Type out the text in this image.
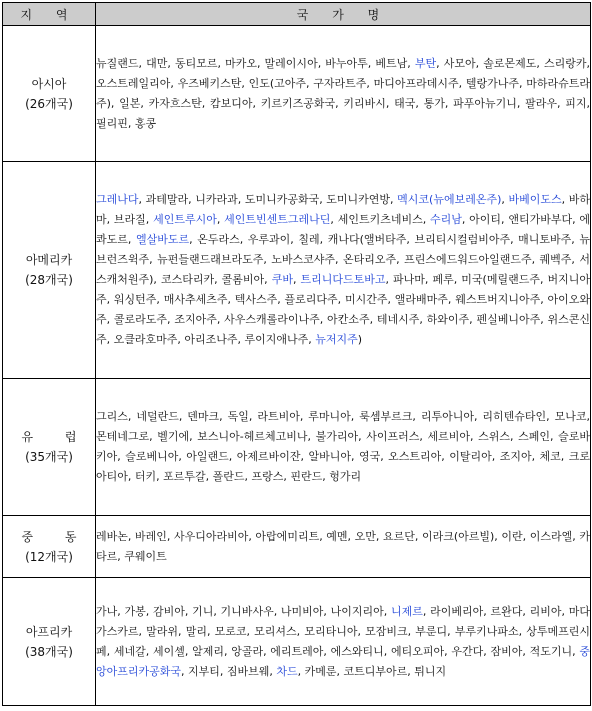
지 역	국 가 명

아시아
(26개국)	뉴질랜드, 대만, 동티모르, 마카오, 말레이시아, 바누아투, 베트남, 부탄, 사모아, 솔로몬제도, 스리랑카, 오스트레일리아, 우즈베키스탄, 인도(고아주, 구자라트주, 마디아프라데시주, 텔랑가나주, 마하라슈트라주), 일본, 카자흐스탄, 캄보디아, 키르키즈공화국, 키리바시, 태국, 통가, 파푸아뉴기니, 팔라우, 피지, 필리핀, 홍콩

아메리카
(28개국)	그레나다, 과테말라, 니카라과, 도미니카공화국, 도미니카연방, 멕시코(뉴에보레온주), 바베이도스, 바하마, 브라질, 세인트루시아, 세인트빈센트그레나딘, 세인트키츠네비스, 수리남, 아이티, 앤티가바부다, 에콰도르, 엘살바도르, 온두라스, 우루과이, 칠레, 캐나다(앨버타주, 브리티시컬럼비아주, 매니토바주, 뉴브런즈윅주, 뉴펀들랜드래브라도주, 노바스코샤주, 온타리오주, 프린스에드워드아일랜드주, 퀘벡주, 서스캐처원주), 코스타리카, 콜롬비아, 쿠바, 트리니다드토바고, 파나마, 페루, 미국(메릴랜드주, 버지니아주, 워싱턴주, 매사추세츠주, 텍사스주, 플로리다주, 미시간주, 앨라배마주, 웨스트버지니아주, 아이오와주, 콜로라도주, 조지아주, 사우스캐롤라이나주, 아칸소주, 테네시주, 하와이주, 펜실베니아주, 위스콘신주, 오클라호마주, 아리조나주, 루이지애나주, 뉴저지주)

유 럽
(35개국)	그리스, 네덜란드, 덴마크, 독일, 라트비아, 루마니아, 룩셈부르크, 리투아니아, 리히텐슈타인, 모나코, 몬테네그로, 벨기에, 보스니아-헤르체고비나, 불가리아, 사이프러스, 세르비아, 스위스, 스페인, 슬로바키아, 슬로베니아, 아일랜드, 아제르바이잔, 알바니아, 영국, 오스트리아, 이탈리아, 조지아, 체코, 크로아티아, 터키, 포르투갈, 폴란드, 프랑스, 핀란드, 헝가리

중 동
(12개국)	레바논, 바레인, 사우디아라비아, 아랍에미리트, 예멘, 오만, 요르단, 이라크(아르빌), 이란, 이스라엘, 카타르, 쿠웨이트

아프리카
(38개국)	가나, 가봉, 감비아, 기니, 기니바사우, 나미비아, 나이지리아, 니제르, 라이베리아, 르완다, 리비아, 마다가스카르, 말라위, 말리, 모로코, 모리셔스, 모리타니아, 모잠비크, 부룬디, 부루키나파소, 상투메프린시페, 세네갈, 세이셸, 알제리, 앙골라, 에리트레아, 에스와티니, 에티오피아, 우간다, 잠비아, 적도기니, 중앙아프리카공화국, 지부티, 짐바브웨, 차드, 카메룬, 코트디부아르, 튀니지
